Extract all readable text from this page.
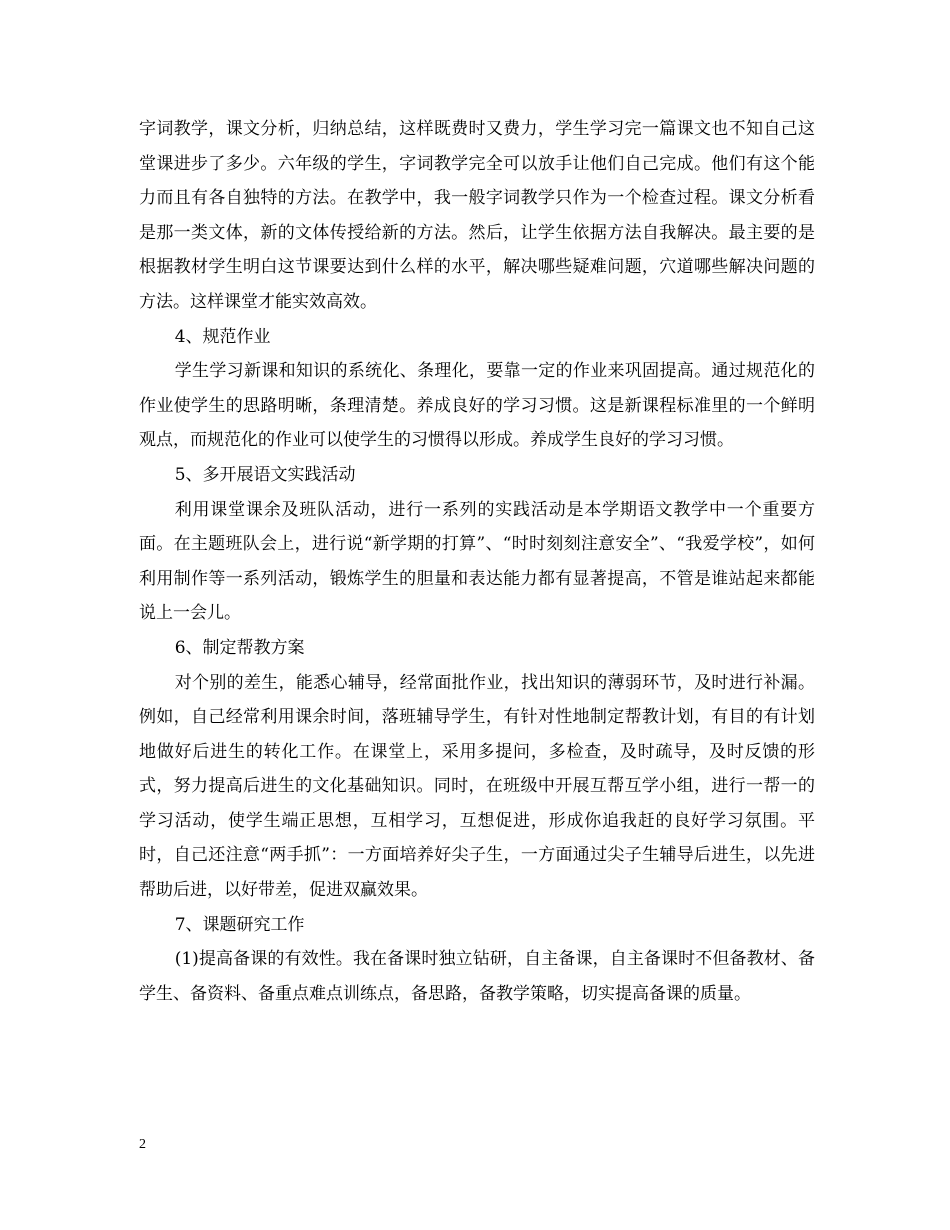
字词教学，课文分析，归纳总结，这样既费时又费力，学生学习完一篇课文也不知自己这堂课进步了多少。六年级的学生，字词教学完全可以放手让他们自己完成。他们有这个能力而且有各自独特的方法。在教学中，我一般字词教学只作为一个检查过程。课文分析看是那一类文体，新的文体传授给新的方法。然后，让学生依据方法自我解决。最主要的是根据教材学生明白这节课要达到什么样的水平，解决哪些疑难问题，穴道哪些解决问题的方法。这样课堂才能实效高效。

4、规范作业

学生学习新课和知识的系统化、条理化，要靠一定的作业来巩固提高。通过规范化的作业使学生的思路明晰，条理清楚。养成良好的学习习惯。这是新课程标准里的一个鲜明观点，而规范化的作业可以使学生的习惯得以形成。养成学生良好的学习习惯。

5、多开展语文实践活动

利用课堂课余及班队活动，进行一系列的实践活动是本学期语文教学中一个重要方面。在主题班队会上，进行说“新学期的打算”、“时时刻刻注意安全”、“我爱学校”，如何利用制作等一系列活动，锻炼学生的胆量和表达能力都有显著提高，不管是谁站起来都能说上一会儿。

6、制定帮教方案

对个别的差生，能悉心辅导，经常面批作业，找出知识的薄弱环节，及时进行补漏。例如，自己经常利用课余时间，落班辅导学生，有针对性地制定帮教计划，有目的有计划地做好后进生的转化工作。在课堂上，采用多提问，多检查，及时疏导，及时反馈的形式，努力提高后进生的文化基础知识。同时，在班级中开展互帮互学小组，进行一帮一的学习活动，使学生端正思想，互相学习，互想促进，形成你追我赶的良好学习氛围。平时，自己还注意“两手抓”：一方面培养好尖子生，一方面通过尖子生辅导后进生，以先进帮助后进，以好带差，促进双赢效果。

7、课题研究工作

(1)提高备课的有效性。我在备课时独立钻研，自主备课，自主备课时不但备教材、备学生、备资料、备重点难点训练点，备思路，备教学策略，切实提高备课的质量。

2
